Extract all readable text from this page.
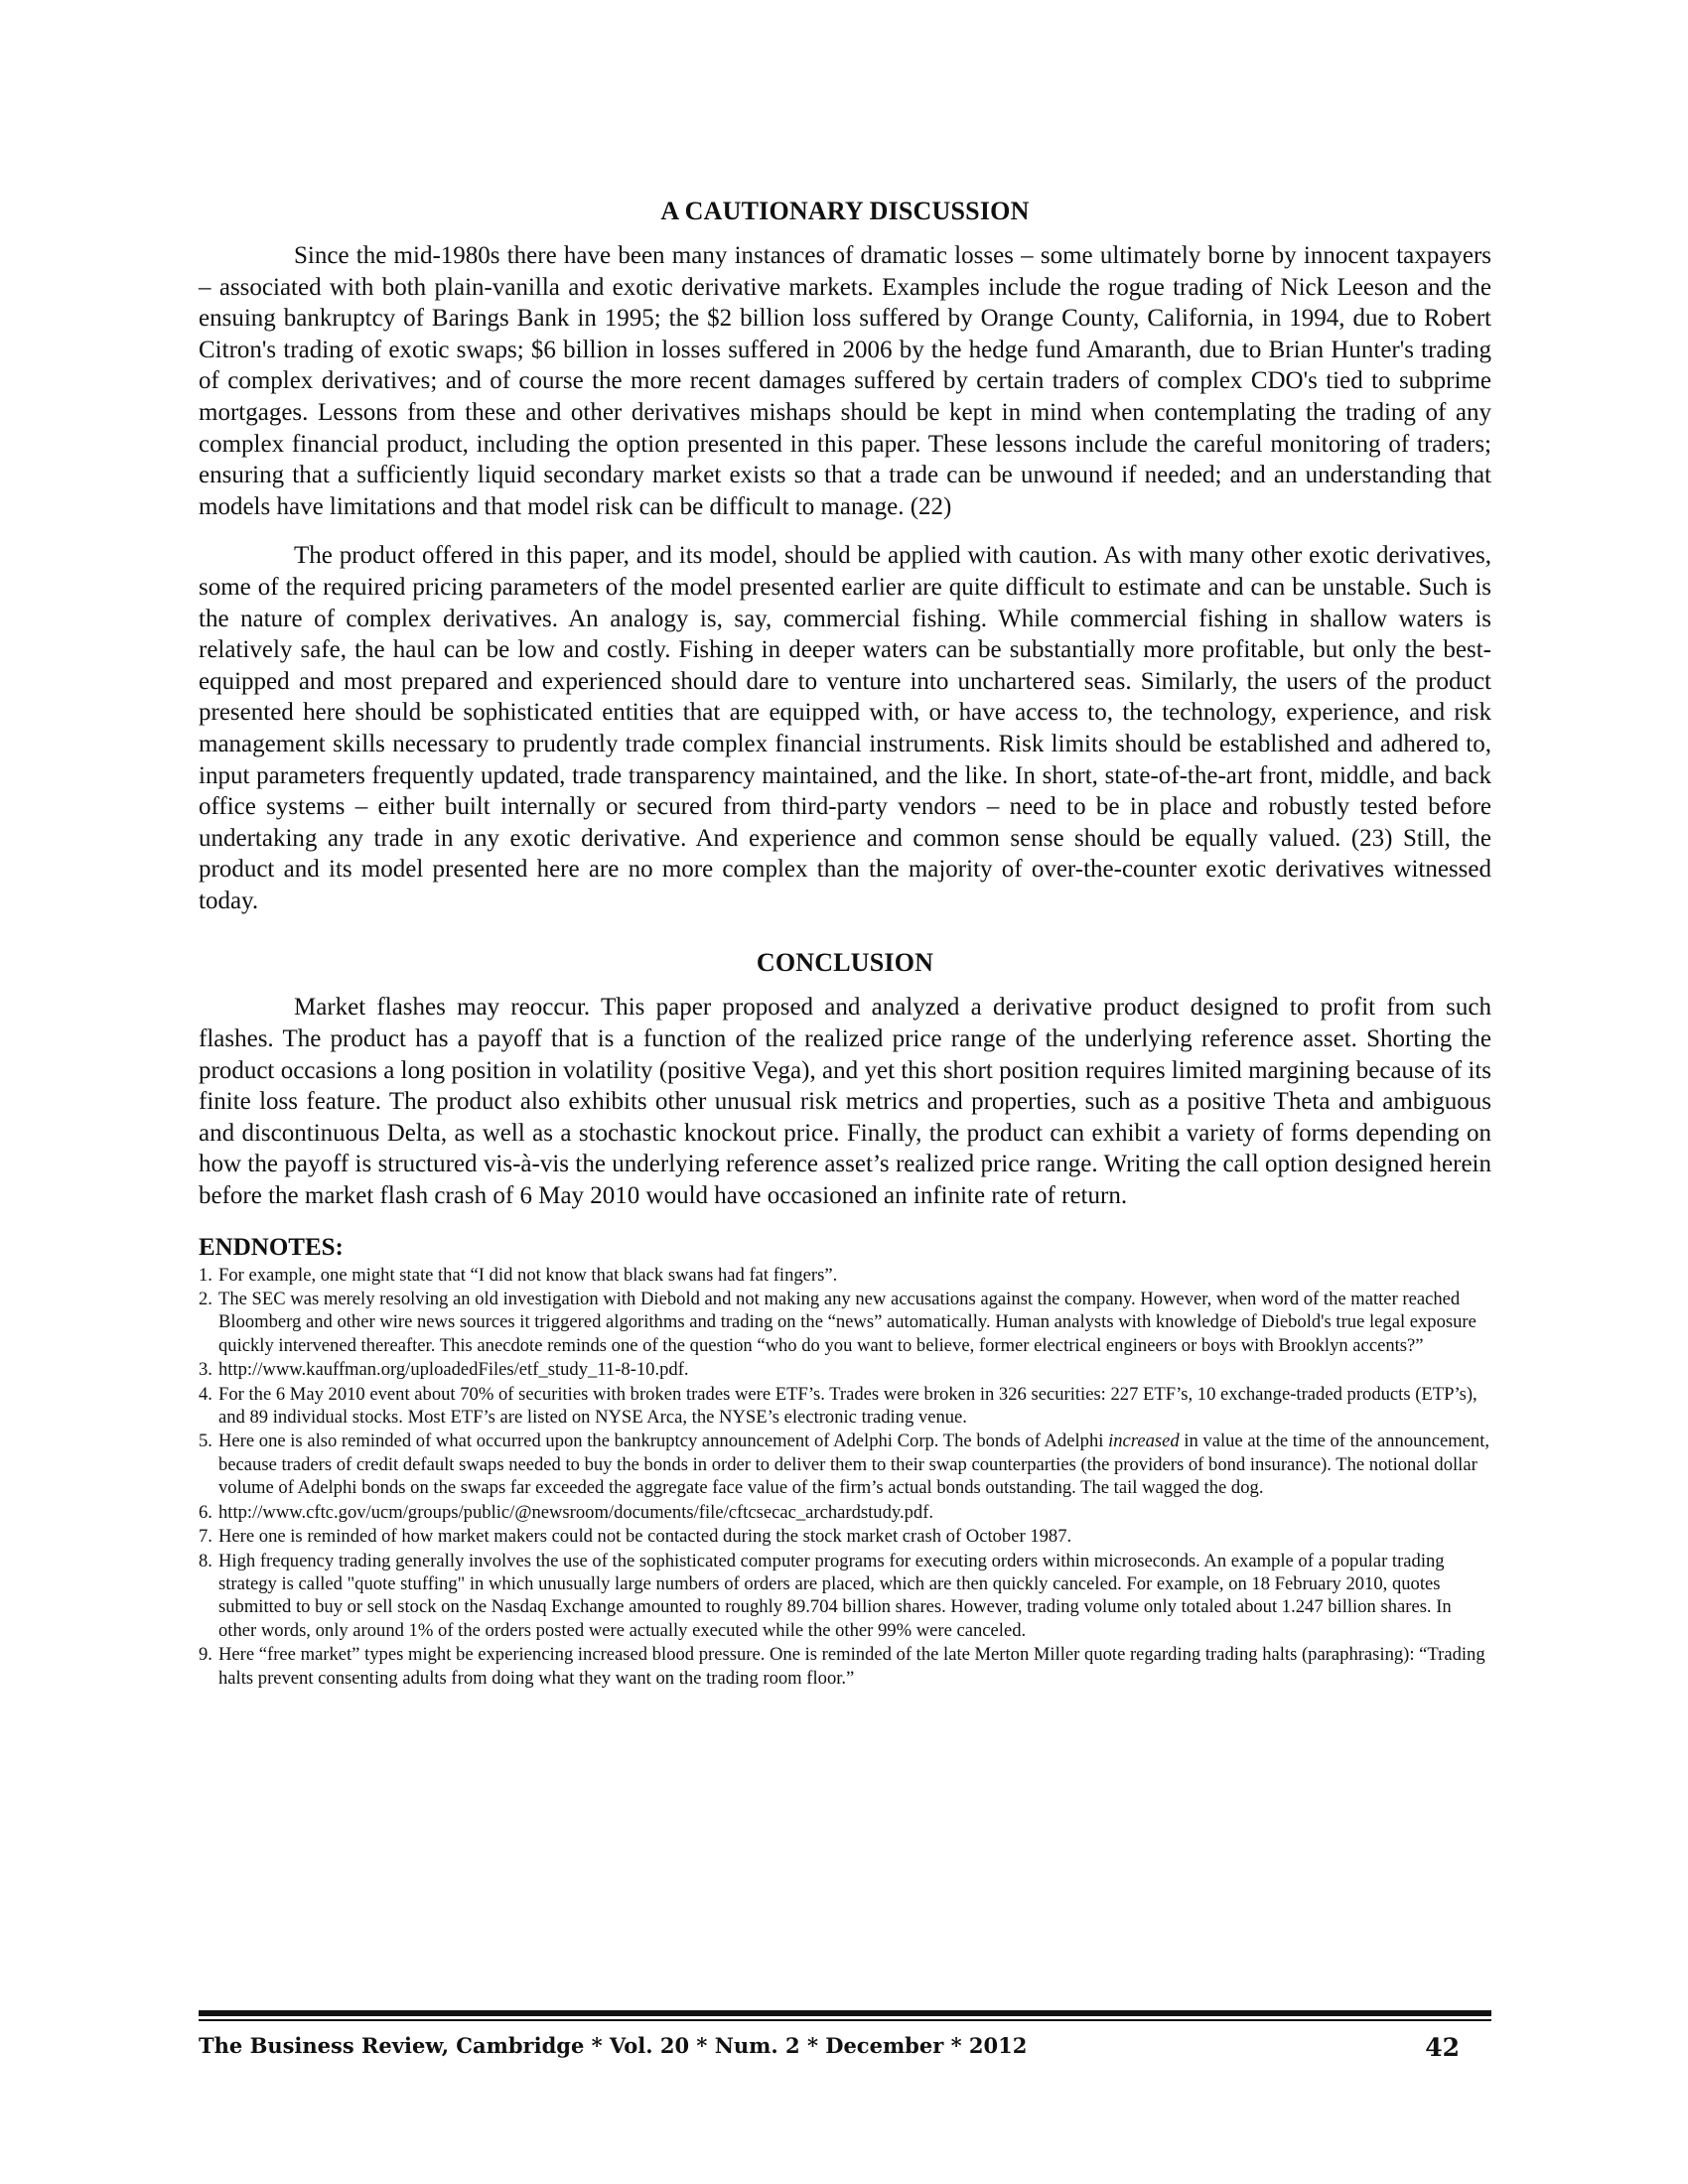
A CAUTIONARY DISCUSSION

Since the mid-1980s there have been many instances of dramatic losses – some ultimately borne by innocent taxpayers – associated with both plain-vanilla and exotic derivative markets. Examples include the rogue trading of Nick Leeson and the ensuing bankruptcy of Barings Bank in 1995; the $2 billion loss suffered by Orange County, California, in 1994, due to Robert Citron's trading of exotic swaps; $6 billion in losses suffered in 2006 by the hedge fund Amaranth, due to Brian Hunter's trading of complex derivatives; and of course the more recent damages suffered by certain traders of complex CDO's tied to subprime mortgages. Lessons from these and other derivatives mishaps should be kept in mind when contemplating the trading of any complex financial product, including the option presented in this paper. These lessons include the careful monitoring of traders; ensuring that a sufficiently liquid secondary market exists so that a trade can be unwound if needed; and an understanding that models have limitations and that model risk can be difficult to manage. (22)

The product offered in this paper, and its model, should be applied with caution. As with many other exotic derivatives, some of the required pricing parameters of the model presented earlier are quite difficult to estimate and can be unstable. Such is the nature of complex derivatives. An analogy is, say, commercial fishing. While commercial fishing in shallow waters is relatively safe, the haul can be low and costly. Fishing in deeper waters can be substantially more profitable, but only the best-equipped and most prepared and experienced should dare to venture into unchartered seas. Similarly, the users of the product presented here should be sophisticated entities that are equipped with, or have access to, the technology, experience, and risk management skills necessary to prudently trade complex financial instruments. Risk limits should be established and adhered to, input parameters frequently updated, trade transparency maintained, and the like. In short, state-of-the-art front, middle, and back office systems – either built internally or secured from third-party vendors – need to be in place and robustly tested before undertaking any trade in any exotic derivative. And experience and common sense should be equally valued. (23) Still, the product and its model presented here are no more complex than the majority of over-the-counter exotic derivatives witnessed today.

CONCLUSION

Market flashes may reoccur. This paper proposed and analyzed a derivative product designed to profit from such flashes. The product has a payoff that is a function of the realized price range of the underlying reference asset. Shorting the product occasions a long position in volatility (positive Vega), and yet this short position requires limited margining because of its finite loss feature. The product also exhibits other unusual risk metrics and properties, such as a positive Theta and ambiguous and discontinuous Delta, as well as a stochastic knockout price. Finally, the product can exhibit a variety of forms depending on how the payoff is structured vis-à-vis the underlying reference asset’s realized price range. Writing the call option designed herein before the market flash crash of 6 May 2010 would have occasioned an infinite rate of return.

ENDNOTES:
1. For example, one might state that “I did not know that black swans had fat fingers”.
2. The SEC was merely resolving an old investigation with Diebold and not making any new accusations against the company. However, when word of the matter reached Bloomberg and other wire news sources it triggered algorithms and trading on the “news” automatically. Human analysts with knowledge of Diebold's true legal exposure quickly intervened thereafter. This anecdote reminds one of the question “who do you want to believe, former electrical engineers or boys with Brooklyn accents?”
3. http://www.kauffman.org/uploadedFiles/etf_study_11-8-10.pdf.
4. For the 6 May 2010 event about 70% of securities with broken trades were ETF’s. Trades were broken in 326 securities: 227 ETF’s, 10 exchange-traded products (ETP’s), and 89 individual stocks. Most ETF’s are listed on NYSE Arca, the NYSE’s electronic trading venue.
5. Here one is also reminded of what occurred upon the bankruptcy announcement of Adelphi Corp. The bonds of Adelphi increased in value at the time of the announcement, because traders of credit default swaps needed to buy the bonds in order to deliver them to their swap counterparties (the providers of bond insurance). The notional dollar volume of Adelphi bonds on the swaps far exceeded the aggregate face value of the firm’s actual bonds outstanding. The tail wagged the dog.
6. http://www.cftc.gov/ucm/groups/public/@newsroom/documents/file/cftcsecac_archardstudy.pdf.
7. Here one is reminded of how market makers could not be contacted during the stock market crash of October 1987.
8. High frequency trading generally involves the use of the sophisticated computer programs for executing orders within microseconds. An example of a popular trading strategy is called "quote stuffing" in which unusually large numbers of orders are placed, which are then quickly canceled. For example, on 18 February 2010, quotes submitted to buy or sell stock on the Nasdaq Exchange amounted to roughly 89.704 billion shares. However, trading volume only totaled about 1.247 billion shares. In other words, only around 1% of the orders posted were actually executed while the other 99% were canceled.
9. Here “free market” types might be experiencing increased blood pressure. One is reminded of the late Merton Miller quote regarding trading halts (paraphrasing): “Trading halts prevent consenting adults from doing what they want on the trading room floor.”
The Business Review, Cambridge * Vol. 20 * Num. 2 * December * 2012	42
